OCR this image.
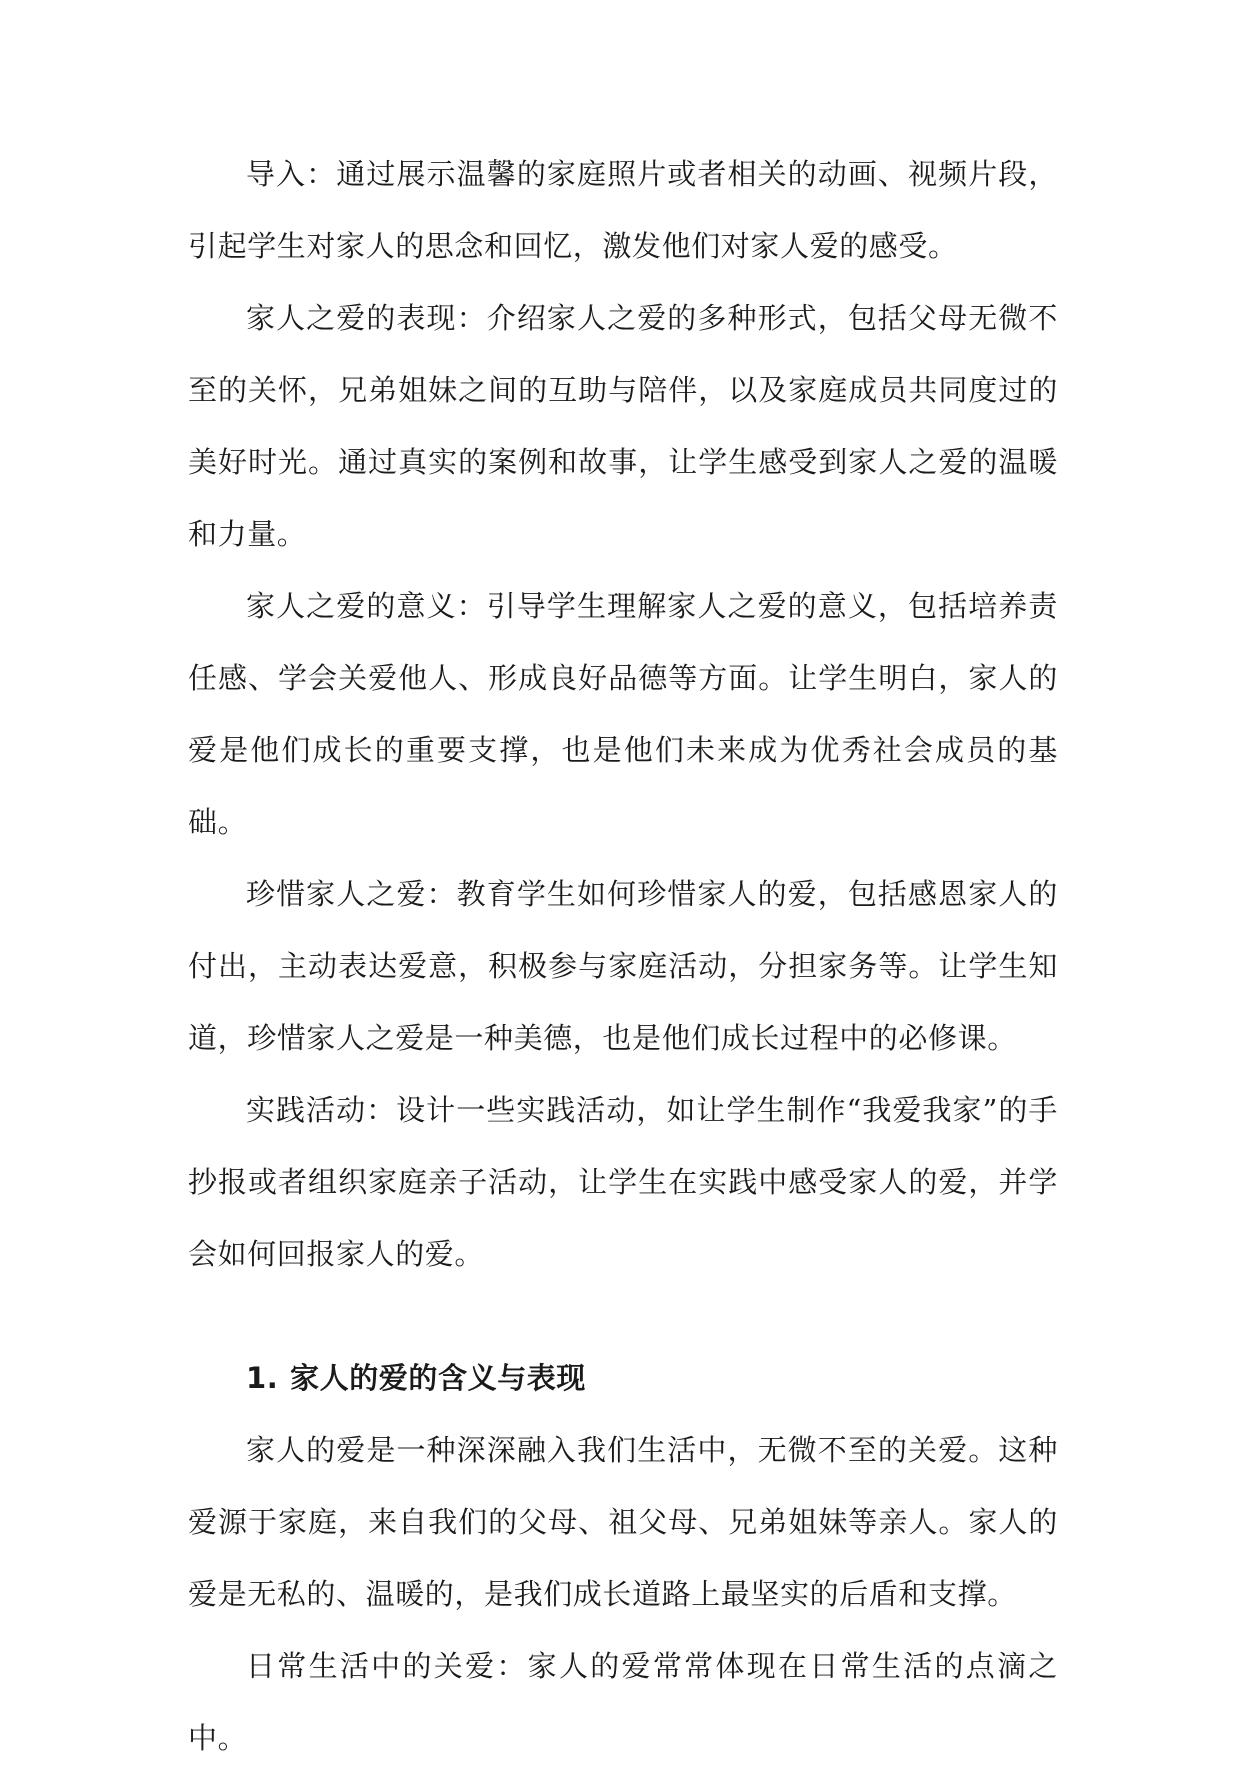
导入：通过展示温馨的家庭照片或者相关的动画、视频片段，引起学生对家人的思念和回忆，激发他们对家人爱的感受。

家人之爱的表现：介绍家人之爱的多种形式，包括父母无微不至的关怀，兄弟姐妹之间的互助与陪伴，以及家庭成员共同度过的美好时光。通过真实的案例和故事，让学生感受到家人之爱的温暖和力量。

家人之爱的意义：引导学生理解家人之爱的意义，包括培养责任感、学会关爱他人、形成良好品德等方面。让学生明白，家人的爱是他们成长的重要支撑，也是他们未来成为优秀社会成员的基础。

珍惜家人之爱：教育学生如何珍惜家人的爱，包括感恩家人的付出，主动表达爱意，积极参与家庭活动，分担家务等。让学生知道，珍惜家人之爱是一种美德，也是他们成长过程中的必修课。

实践活动：设计一些实践活动，如让学生制作“我爱我家”的手抄报或者组织家庭亲子活动，让学生在实践中感受家人的爱，并学会如何回报家人的爱。

1. 家人的爱的含义与表现

家人的爱是一种深深融入我们生活中，无微不至的关爱。这种爱源于家庭，来自我们的父母、祖父母、兄弟姐妹等亲人。家人的爱是无私的、温暖的，是我们成长道路上最坚实的后盾和支撑。

日常生活中的关爱：家人的爱常常体现在日常生活的点滴之中。
